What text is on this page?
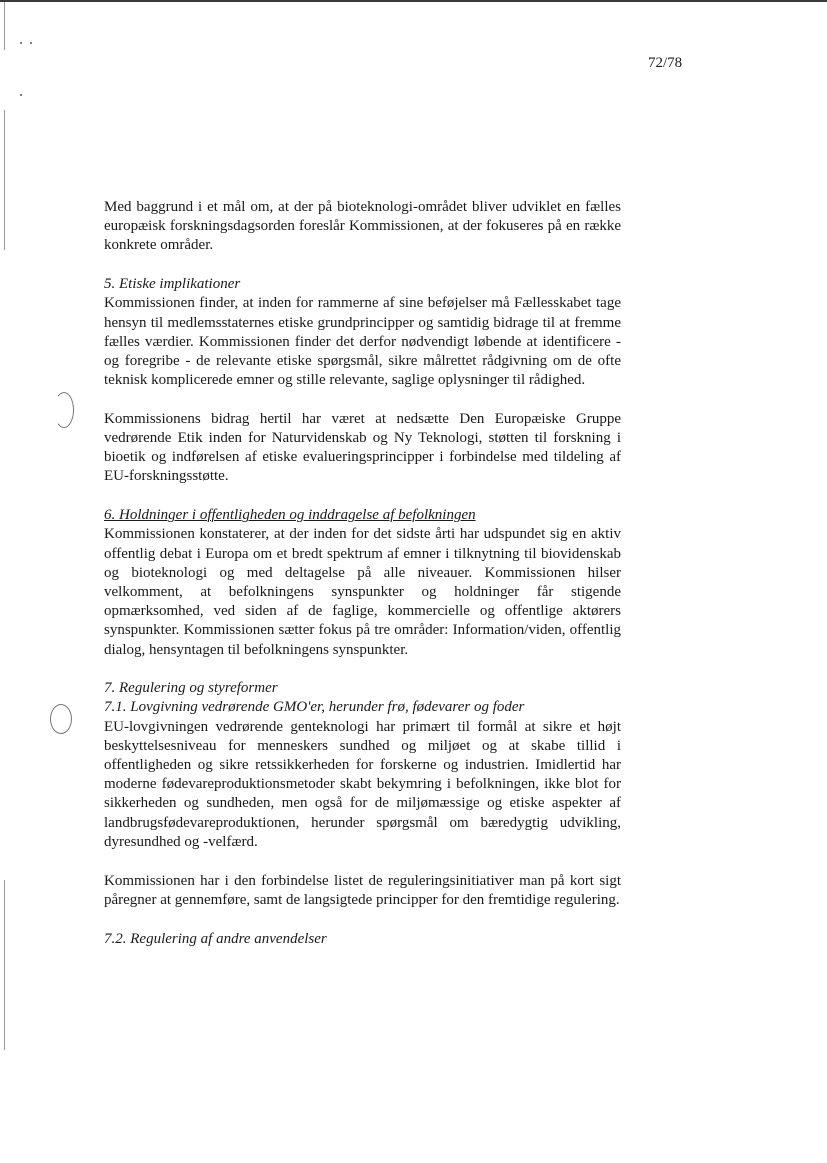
72/78

Med baggrund i et mål om, at der på bioteknologi-området bliver udviklet en fælles europæisk forskningsdagsorden foreslår Kommissionen, at der fokuseres på en række konkrete områder.

5. Etiske implikationer

Kommissionen finder, at inden for rammerne af sine beføjelser må Fællesskabet tage hensyn til medlemsstaternes etiske grundprincipper og samtidig bidrage til at fremme fælles værdier. Kommissionen finder det derfor nødvendigt løbende at identificere - og foregribe - de relevante etiske spørgsmål, sikre målrettet rådgivning om de ofte teknisk komplicerede emner og stille relevante, saglige oplysninger til rådighed.

Kommissionens bidrag hertil har været at nedsætte Den Europæiske Gruppe vedrørende Etik inden for Naturvidenskab og Ny Teknologi, støtten til forskning i bioetik og indførelsen af etiske evalueringsprincipper i forbindelse med tildeling af EU-forskningsstøtte.

6. Holdninger i offentligheden og inddragelse af befolkningen

Kommissionen konstaterer, at der inden for det sidste årti har udspundet sig en aktiv offentlig debat i Europa om et bredt spektrum af emner i tilknytning til biovidenskab og bioteknologi og med deltagelse på alle niveauer. Kommissionen hilser velkomment, at befolkningens synspunkter og holdninger får stigende opmærksomhed, ved siden af de faglige, kommercielle og offentlige aktørers synspunkter. Kommissionen sætter fokus på tre områder: Information/viden, offentlig dialog, hensyntagen til befolkningens synspunkter.

7. Regulering og styreformer

7.1. Lovgivning vedrørende GMO'er, herunder frø, fødevarer og foder

EU-lovgivningen vedrørende genteknologi har primært til formål at sikre et højt beskyttelsesniveau for menneskers sundhed og miljøet og at skabe tillid i offentligheden og sikre retssikkerheden for forskerne og industrien. Imidlertid har moderne fødevareproduktionsmetoder skabt bekymring i befolkningen, ikke blot for sikkerheden og sundheden, men også for de miljømæssige og etiske aspekter af landbrugsfødevareproduktionen, herunder spørgsmål om bæredygtig udvikling, dyresundhed og -velfærd.

Kommissionen har i den forbindelse listet de reguleringsinitiativer man på kort sigt påregner at gennemføre, samt de langsigtede principper for den fremtidige regulering.

7.2. Regulering af andre anvendelser
